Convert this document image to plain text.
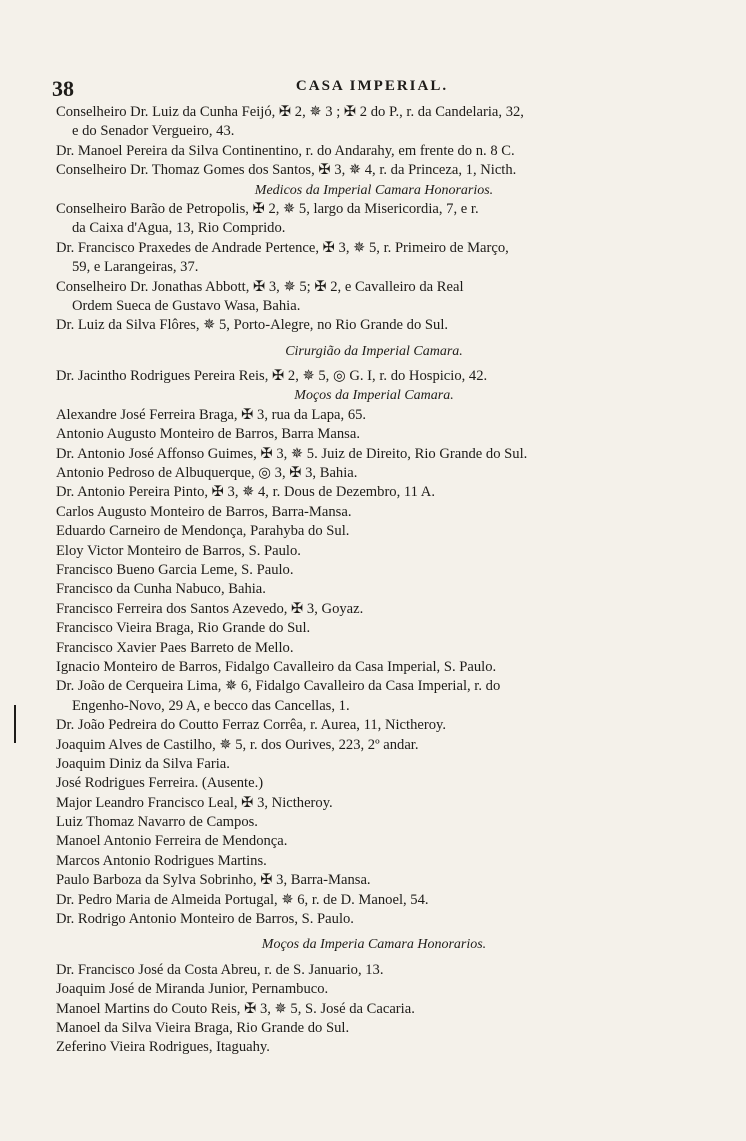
38	CASA IMPERIAL.
Conselheiro Dr. Luiz da Cunha Feijó, ✠ 2, ✵ 3 ; ✠ 2 do P., r. da Candelaria, 32,
e do Senador Vergueiro, 43.
Dr. Manoel Pereira da Silva Continentino, r. do Andarahy, em frente do n. 8 C.
Conselheiro Dr. Thomaz Gomes dos Santos, ✠ 3, ✵ 4, r. da Princeza, 1, Nicth.
Medicos da Imperial Camara Honorarios.
Conselheiro Barão de Petropolis, ✠ 2, ✵ 5, largo da Misericordia, 7, e r.
da Caixa d'Agua, 13, Rio Comprido.
Dr. Francisco Praxedes de Andrade Pertence, ✠ 3, ✵ 5, r. Primeiro de Março,
59, e Larangeiras, 37.
Conselheiro Dr. Jonathas Abbott, ✠ 3, ✵ 5; ✠ 2, e Cavalleiro da Real
Ordem Sueca de Gustavo Wasa, Bahia.
Dr. Luiz da Silva Flôres, ✵ 5, Porto-Alegre, no Rio Grande do Sul.
Cirurgião da Imperial Camara.
Dr. Jacintho Rodrigues Pereira Reis, ✠ 2, ✵ 5, ◎ G. I, r. do Hospicio, 42.
Moços da Imperial Camara.
Alexandre José Ferreira Braga, ✠ 3, rua da Lapa, 65.
Antonio Augusto Monteiro de Barros, Barra Mansa.
Dr. Antonio José Affonso Guimes, ✠ 3, ✵ 5. Juiz de Direito, Rio Grande do Sul.
Antonio Pedroso de Albuquerque, ◎ 3, ✠ 3, Bahia.
Dr. Antonio Pereira Pinto, ✠ 3, ✵ 4, r. Dous de Dezembro, 11 A.
Carlos Augusto Monteiro de Barros, Barra-Mansa.
Eduardo Carneiro de Mendonça, Parahyba do Sul.
Eloy Victor Monteiro de Barros, S. Paulo.
Francisco Bueno Garcia Leme, S. Paulo.
Francisco da Cunha Nabuco, Bahia.
Francisco Ferreira dos Santos Azevedo, ✠ 3, Goyaz.
Francisco Vieira Braga, Rio Grande do Sul.
Francisco Xavier Paes Barreto de Mello.
Ignacio Monteiro de Barros, Fidalgo Cavalleiro da Casa Imperial, S. Paulo.
Dr. João de Cerqueira Lima, ✵ 6, Fidalgo Cavalleiro da Casa Imperial, r. do
Engenho-Novo, 29 A, e becco das Cancellas, 1.
Dr. João Pedreira do Coutto Ferraz Corrêa, r. Aurea, 11, Nictheroy.
Joaquim Alves de Castilho, ✵ 5, r. dos Ourives, 223, 2º andar.
Joaquim Diniz da Silva Faria.
José Rodrigues Ferreira. (Ausente.)
Major Leandro Francisco Leal, ✠ 3, Nictheroy.
Luiz Thomaz Navarro de Campos.
Manoel Antonio Ferreira de Mendonça.
Marcos Antonio Rodrigues Martins.
Paulo Barboza da Sylva Sobrinho, ✠ 3, Barra-Mansa.
Dr. Pedro Maria de Almeida Portugal, ✵ 6, r. de D. Manoel, 54.
Dr. Rodrigo Antonio Monteiro de Barros, S. Paulo.
Moços da Imperia Camara Honorarios.
Dr. Francisco José da Costa Abreu, r. de S. Januario, 13.
Joaquim José de Miranda Junior, Pernambuco.
Manoel Martins do Couto Reis, ✠ 3, ✵ 5, S. José da Cacaria.
Manoel da Silva Vieira Braga, Rio Grande do Sul.
Zeferino Vieira Rodrigues, Itaguahy.
